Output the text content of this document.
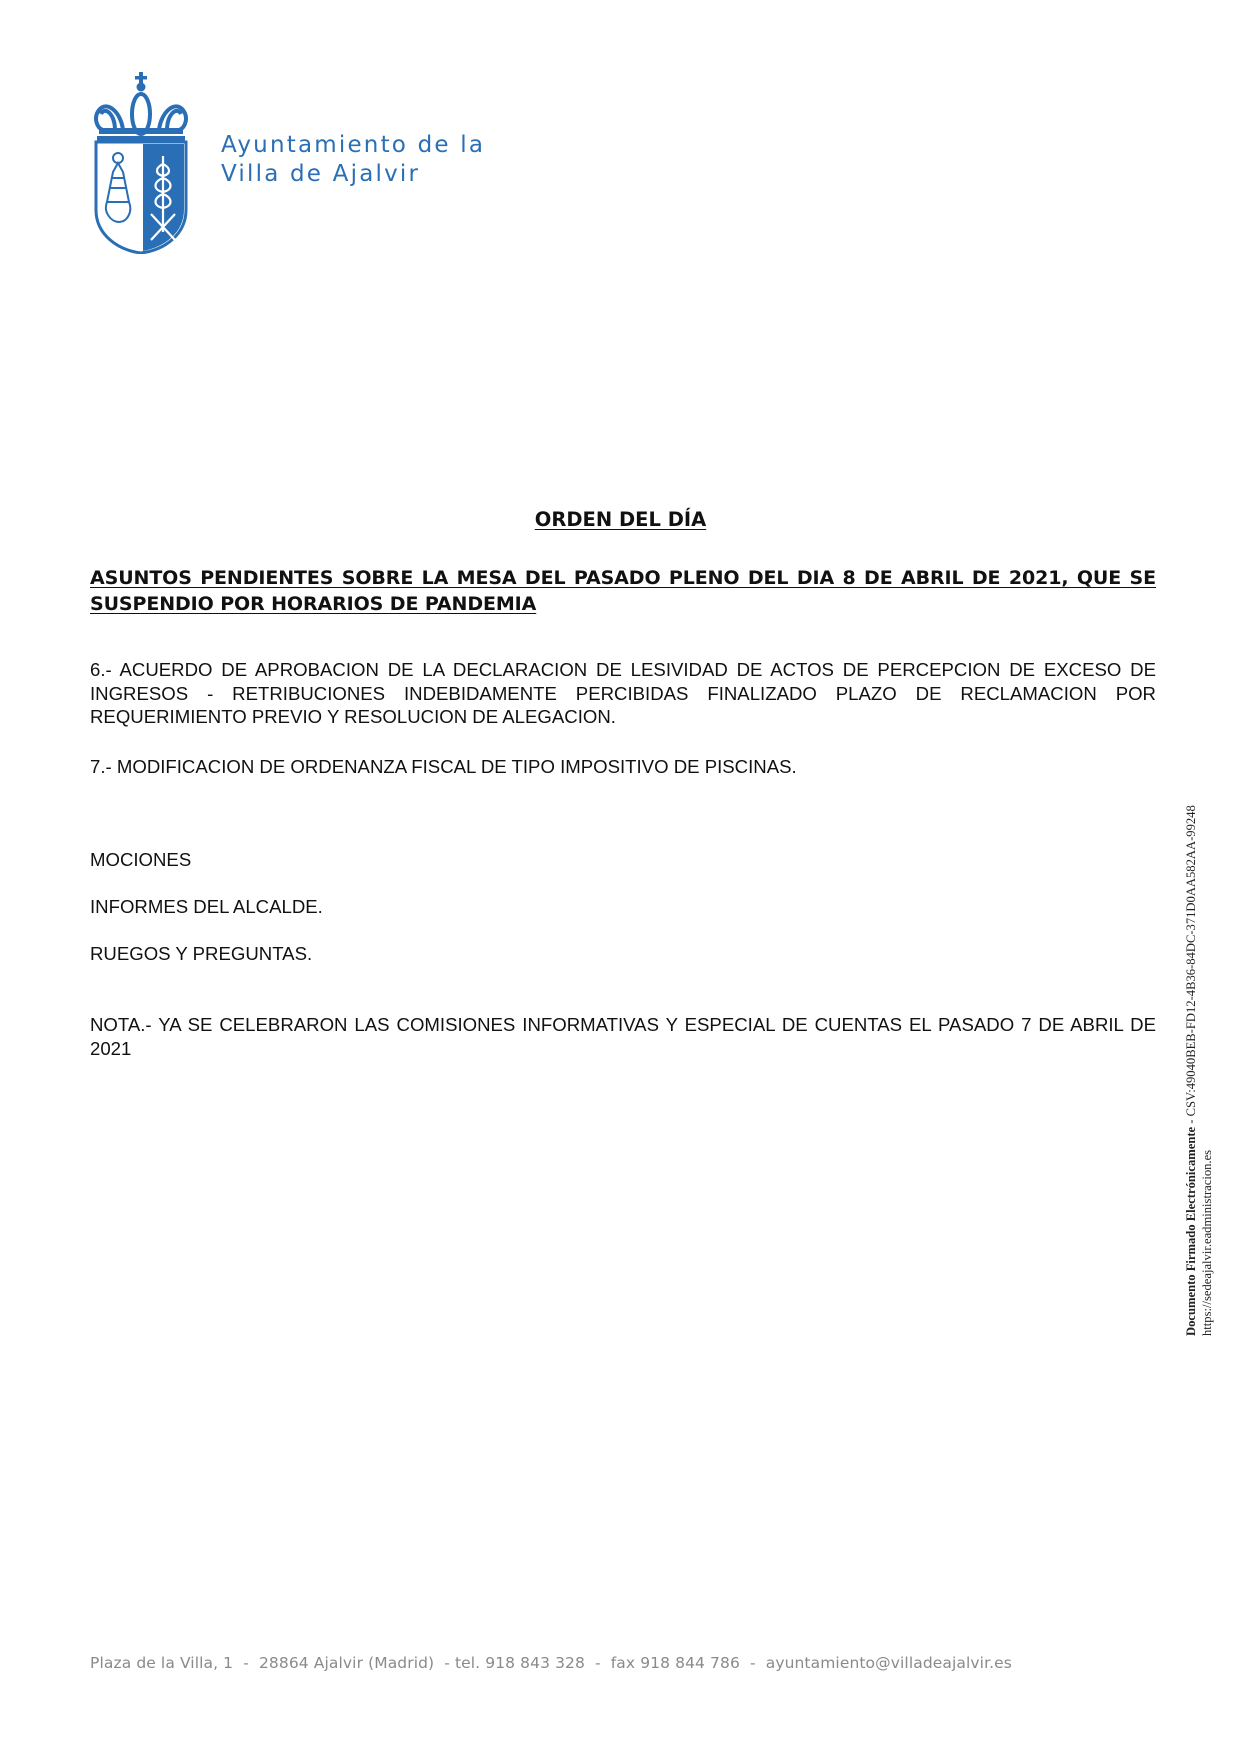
Ayuntamiento de la
Villa de Ajalvir
ORDEN DEL DÍA
ASUNTOS PENDIENTES SOBRE LA MESA DEL PASADO PLENO DEL DIA 8 DE ABRIL DE 2021, QUE SE SUSPENDIO POR HORARIOS DE PANDEMIA
6.- ACUERDO DE APROBACION DE LA DECLARACION DE LESIVIDAD DE ACTOS DE PERCEPCION DE EXCESO DE INGRESOS - RETRIBUCIONES INDEBIDAMENTE PERCIBIDAS FINALIZADO PLAZO DE RECLAMACION POR REQUERIMIENTO PREVIO Y RESOLUCION DE ALEGACION.
7.- MODIFICACION DE ORDENANZA FISCAL DE TIPO IMPOSITIVO DE PISCINAS.
MOCIONES
INFORMES DEL ALCALDE.
RUEGOS Y PREGUNTAS.
NOTA.- YA SE CELEBRARON LAS COMISIONES INFORMATIVAS Y ESPECIAL DE CUENTAS EL PASADO 7 DE ABRIL DE 2021
Documento Firmado Electrónicamente - CSV:49040BEB-FD12-4B36-84DC-371D0AA582AA-99248
https://sedeajalvir.eadministracion.es
Plaza de la Villa, 1  -  28864 Ajalvir (Madrid)  - tel. 918 843 328  -  fax 918 844 786  -  ayuntamiento@villadeajalvir.es
